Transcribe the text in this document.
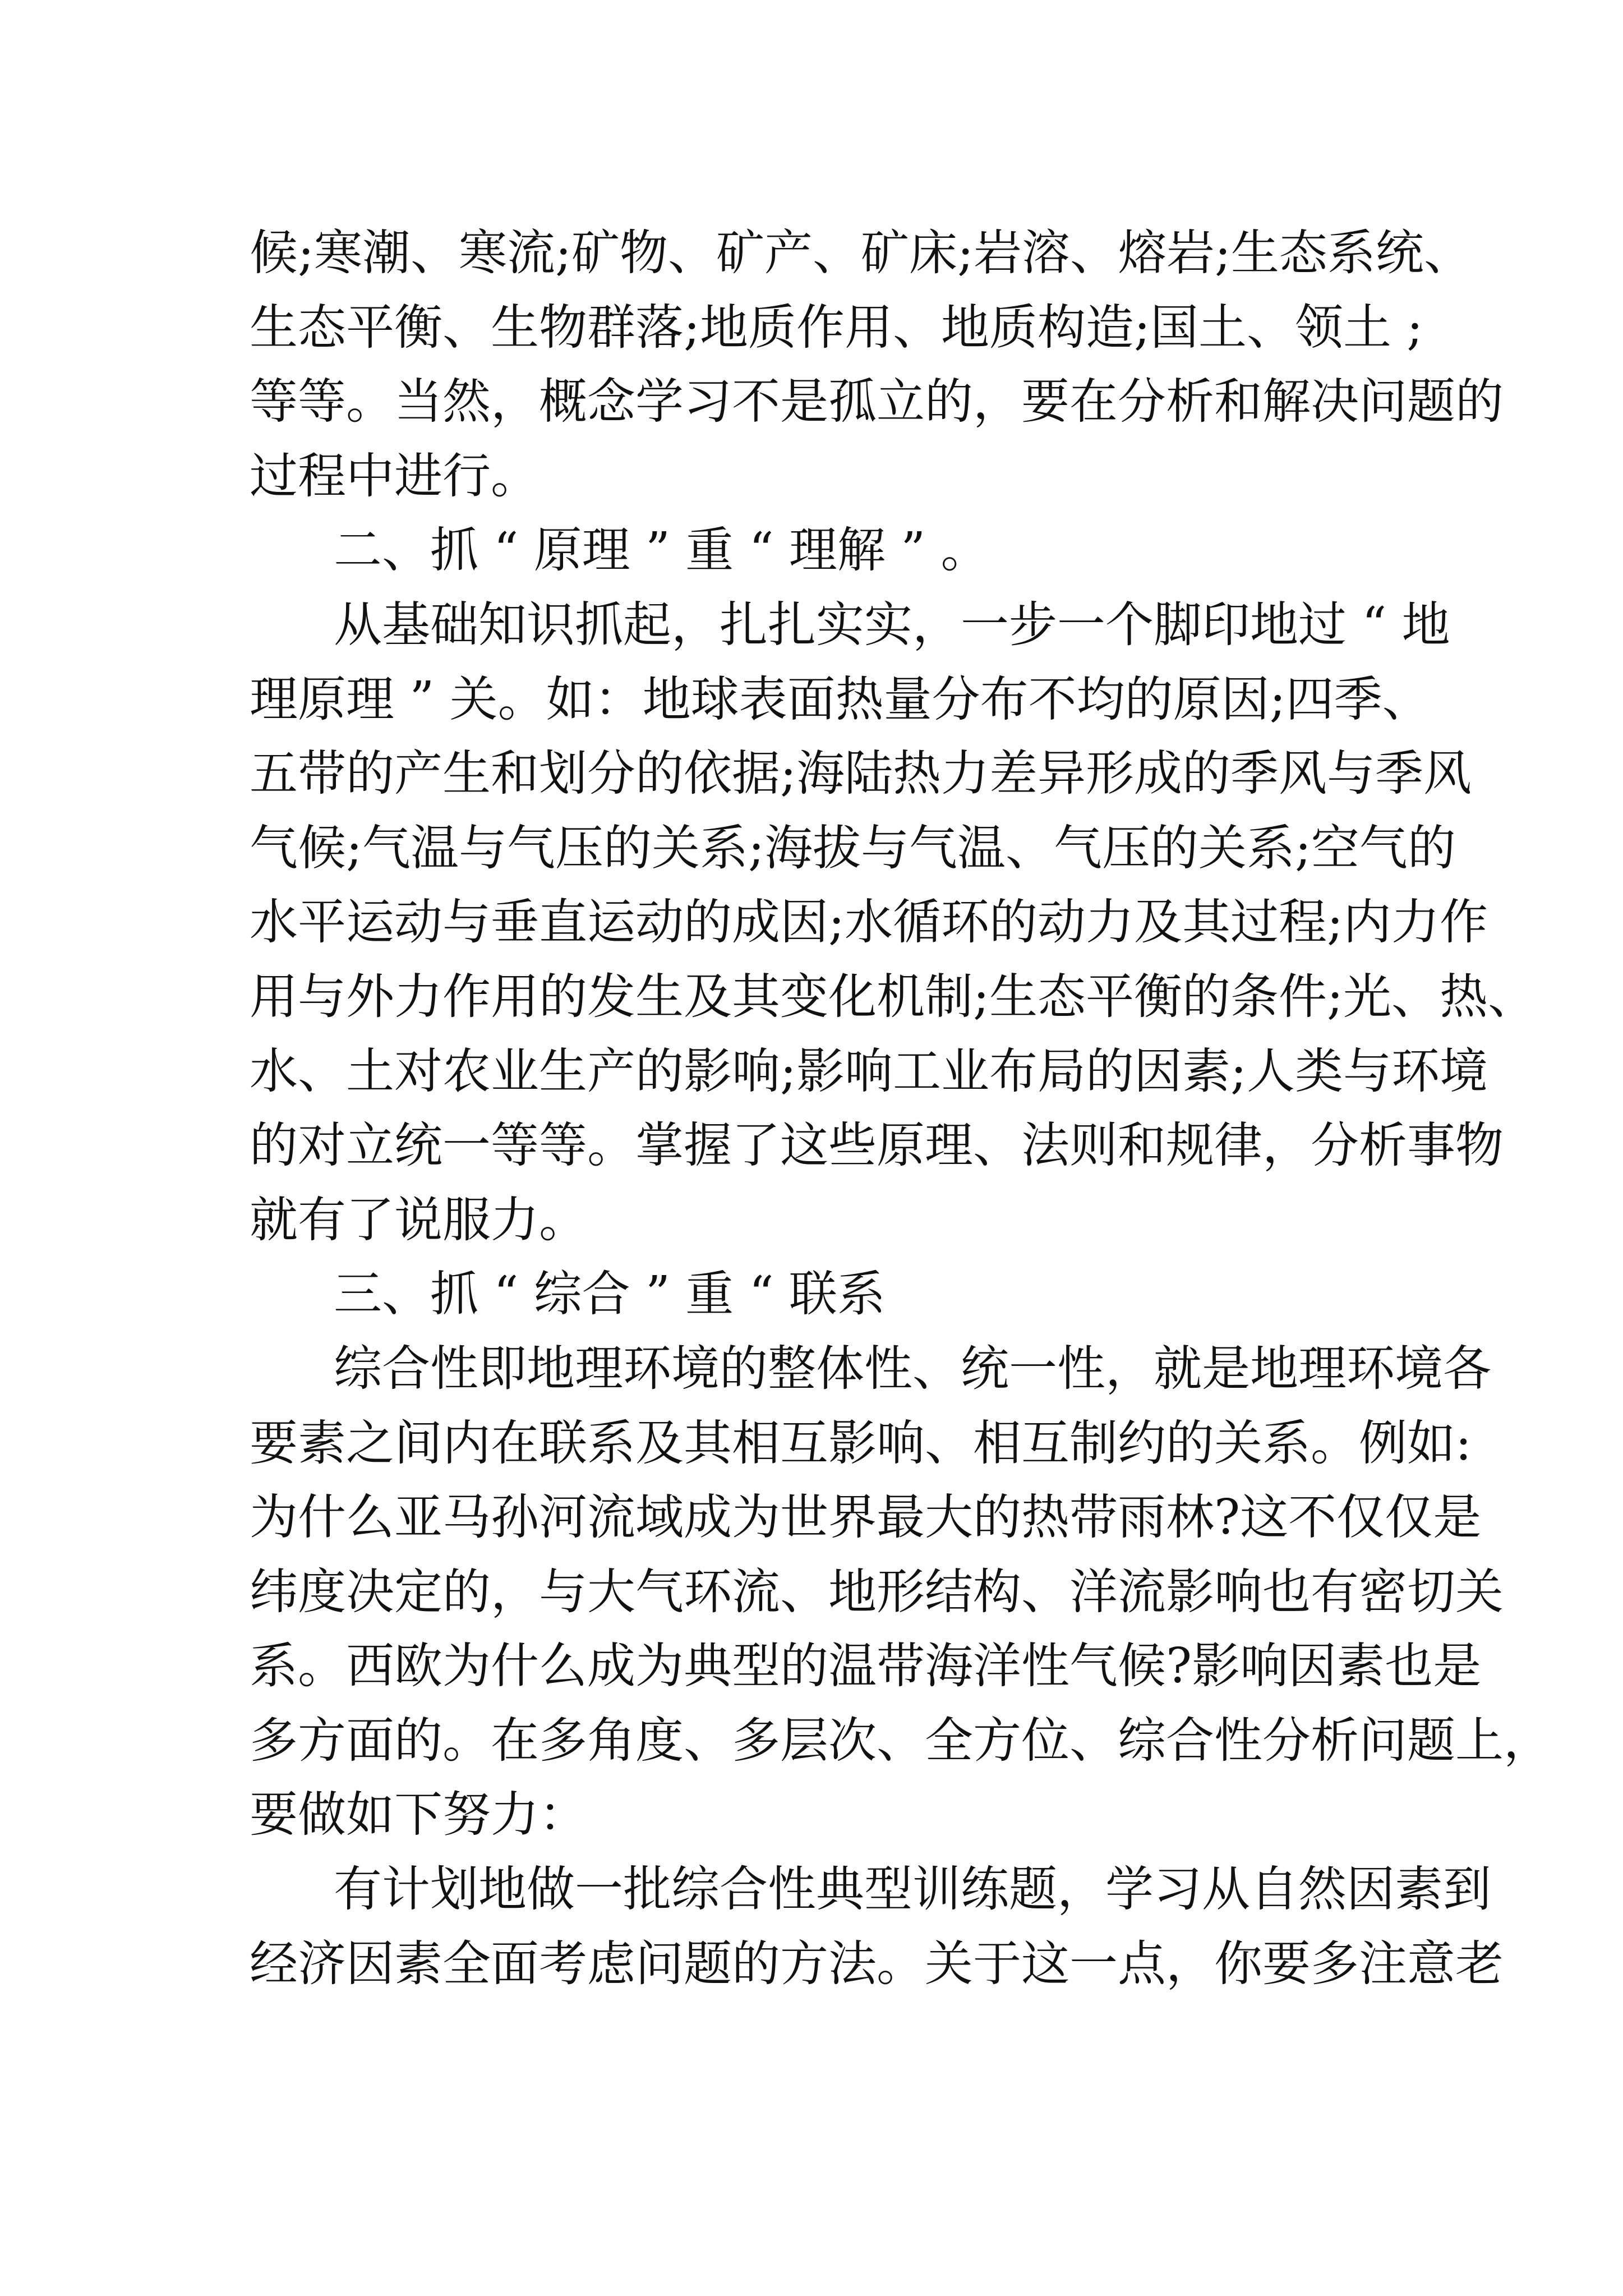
候;寒潮、寒流;矿物、矿产、矿床;岩溶、熔岩;生态系统、
生态平衡、生物群落;地质作用、地质构造;国土、领土 ;
等等。当然，概念学习不是孤立的，要在分析和解决问题的
过程中进行。
二、抓 “ 原理 ” 重 “ 理解 ” 。
从基础知识抓起，扎扎实实，一步一个脚印地过 “ 地
理原理 ” 关。如：地球表面热量分布不均的原因;四季、
五带的产生和划分的依据;海陆热力差异形成的季风与季风
气候;气温与气压的关系;海拔与气温、气压的关系;空气的
水平运动与垂直运动的成因;水循环的动力及其过程;内力作
用与外力作用的发生及其变化机制;生态平衡的条件;光、热、
水、土对农业生产的影响;影响工业布局的因素;人类与环境
的对立统一等等。掌握了这些原理、法则和规律，分析事物
就有了说服力。
三、抓 “ 综合 ” 重 “ 联系
综合性即地理环境的整体性、统一性，就是地理环境各
要素之间内在联系及其相互影响、相互制约的关系。例如:
为什么亚马孙河流域成为世界最大的热带雨林?这不仅仅是
纬度决定的，与大气环流、地形结构、洋流影响也有密切关
系。西欧为什么成为典型的温带海洋性气候?影响因素也是
多方面的。在多角度、多层次、全方位、综合性分析问题上，
要做如下努力：
有计划地做一批综合性典型训练题，学习从自然因素到
经济因素全面考虑问题的方法。关于这一点，你要多注意老
